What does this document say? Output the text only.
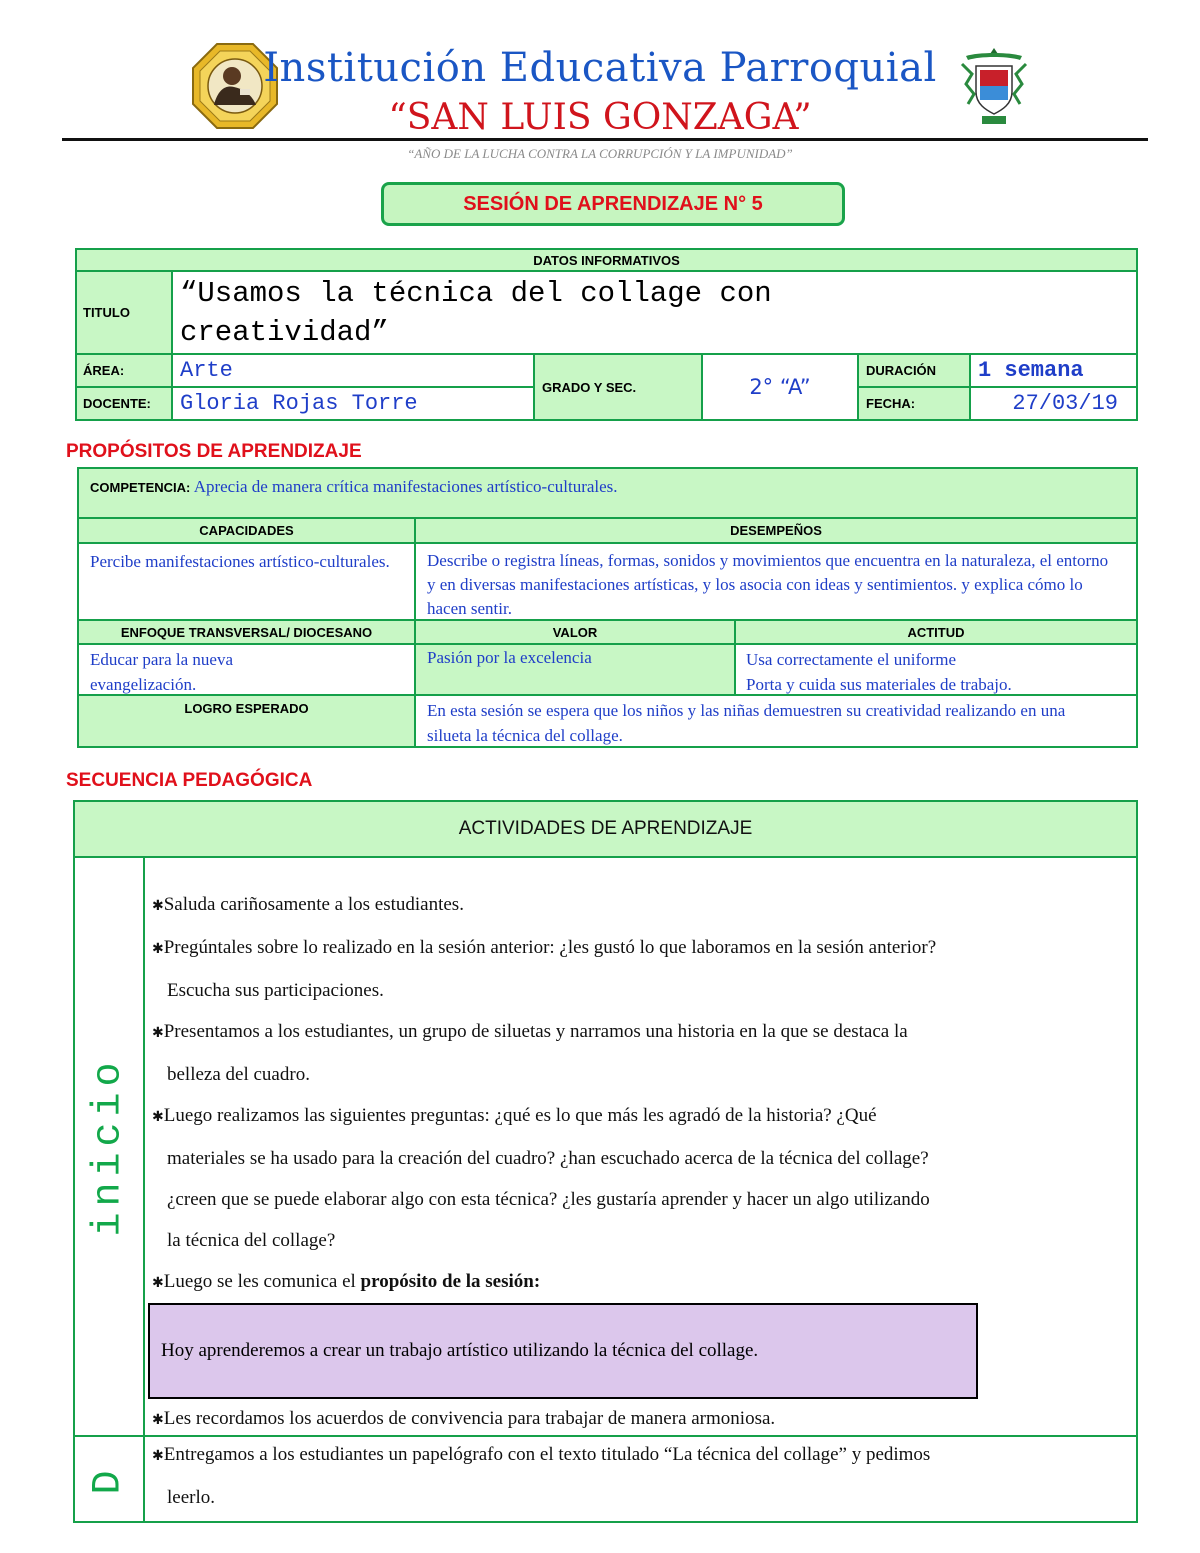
Institución Educativa Parroquial
“SAN LUIS GONZAGA”
“AÑO DE LA LUCHA CONTRA LA CORRUPCIÓN Y LA IMPUNIDAD”
SESIÓN DE APRENDIZAJE N° 5
DATOS INFORMATIVOS
TITULO
“Usamos la técnica del collage con creatividad”
ÁREA:	Arte
DOCENTE: Gloria Rojas Torre
GRADO Y SEC.	2° “A”
DURACIÓN 1 semana
FECHA:	27/03/19
PROPÓSITOS DE APRENDIZAJE
COMPETENCIA: Aprecia de manera crítica manifestaciones artístico-culturales.
CAPACIDADES	DESEMPEÑOS
Percibe manifestaciones artístico-culturales.	Describe o registra líneas, formas, sonidos y movimientos que encuentra en la naturaleza, el entorno y en diversas manifestaciones artísticas, y los asocia con ideas y sentimientos. y explica cómo lo hacen sentir.
ENFOQUE TRANSVERSAL/ DIOCESANO	VALOR	ACTITUD
Educar para la nueva evangelización.
Pasión por la excelencia	Usa correctamente el uniforme
Porta y cuida sus materiales de trabajo.
LOGRO ESPERADO	En esta sesión se espera que los niños y las niñas demuestren su creatividad realizando en una silueta la técnica del collage.
SECUENCIA PEDAGÓGICA
ACTIVIDADES DE APRENDIZAJE
inicio

✱Saluda cariñosamente a los estudiantes.

✱Pregúntales sobre lo realizado en la sesión anterior: ¿les gustó lo que laboramos en la sesión anterior?

Escucha sus participaciones.

✱Presentamos a los estudiantes, un grupo de siluetas y narramos una historia en la que se destaca la

belleza del cuadro.

✱Luego realizamos las siguientes preguntas: ¿qué es lo que más les agradó de la historia? ¿Qué

materiales se ha usado para la creación del cuadro? ¿han escuchado acerca de la técnica del collage?

¿creen que se puede elaborar algo con esta técnica? ¿les gustaría aprender y hacer un algo utilizando

la técnica del collage?

✱Luego se les comunica el propósito de la sesión:

Hoy aprenderemos a crear un trabajo artístico utilizando la técnica del collage.

✱Les recordamos los acuerdos de convivencia para trabajar de manera armoniosa.

D

✱Entregamos a los estudiantes un papelógrafo con el texto titulado “La técnica del collage” y pedimos

leerlo.
